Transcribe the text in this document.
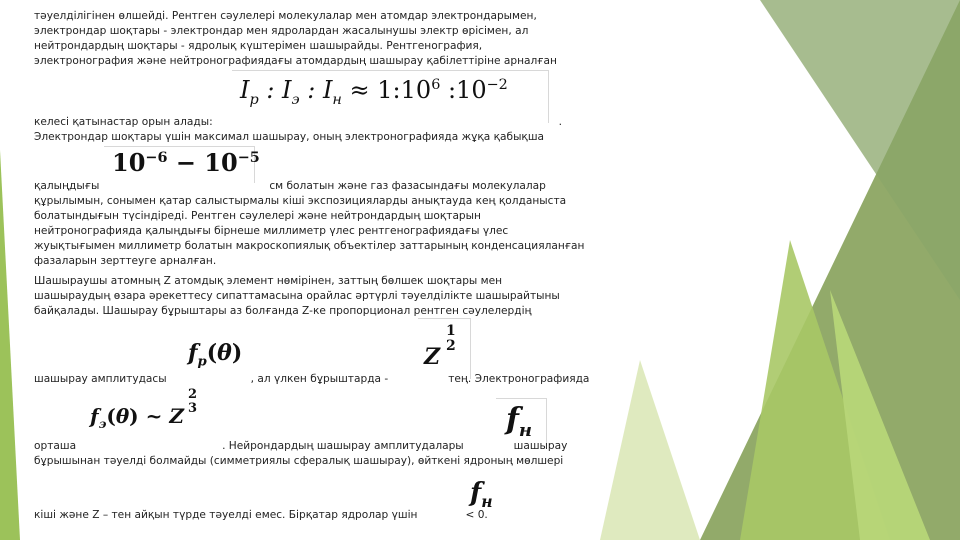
тәуелділігінен өлшейді. Рентген сәулелері молекулалар мен атомдар электрондарымен,

электрондар шоқтары - электрондар мен ядролардан жасалынушы электр өрісімен, ал

нейтрондардың шоқтары - ядролық күштерімен шашырайды. Рентгенография,

электронография және нейтронографиядағы атомдардың шашырау қабілеттіріне арналған

$I_р$ : $I_э$ : $I_н$ ≈ $1:10^6$ $:10^{-2}$

келесі қатынастар орын алады:	.

Электрондар шоқтары үшін максимал шашырау, оның электронографияда жұқа қабықша

$10^{-6} - 10^{-5}$

қалыңдығы	см болатын және газ фазасындағы молекулалар

құрылымын, сонымен қатар салыстырмалы кіші экспозицияларды анықтауда кең қолданыста

болатындығын түсіндіреді. Рентген сәулелері және нейтрондардың шоқтарын

нейтронографияда қалыңдығы бірнеше миллиметр үлес рентгенографиядағы үлес

жуықтығымен миллиметр болатын макроскопиялық объектілер заттарының конденсацияланған

фазаларын зерттеуге арналған.

Шашыраушы атомның Z атомдық элемент нөмірінен, заттың бөлшек шоқтары мен

шашыраудың өзара әрекеттесу сипаттамасына орайлас әртүрлі тәуелділікте шашырайтыны

байқалады. Шашырау бұрыштары аз болғанда Z-ке пропорционал рентген сәулелердің

$f_р(\theta)$	Z
1
2

шашырау амплитудасы	, ал үлкен бұрыштарда -	тең. Электронографияда

$f_э(\theta)$ ~ Z
2
3	$f_н$

орташа	. Нейрондардың шашырау амплитудалары	шашырау

бұрышынан тәуелді болмайды (симметриялы сфералық шашырау), өйткені ядроның мөлшері

$f_н$

кіші және Z – тен айқын түрде тәуелді емес. Бірқатар ядролар үшін	< 0.
